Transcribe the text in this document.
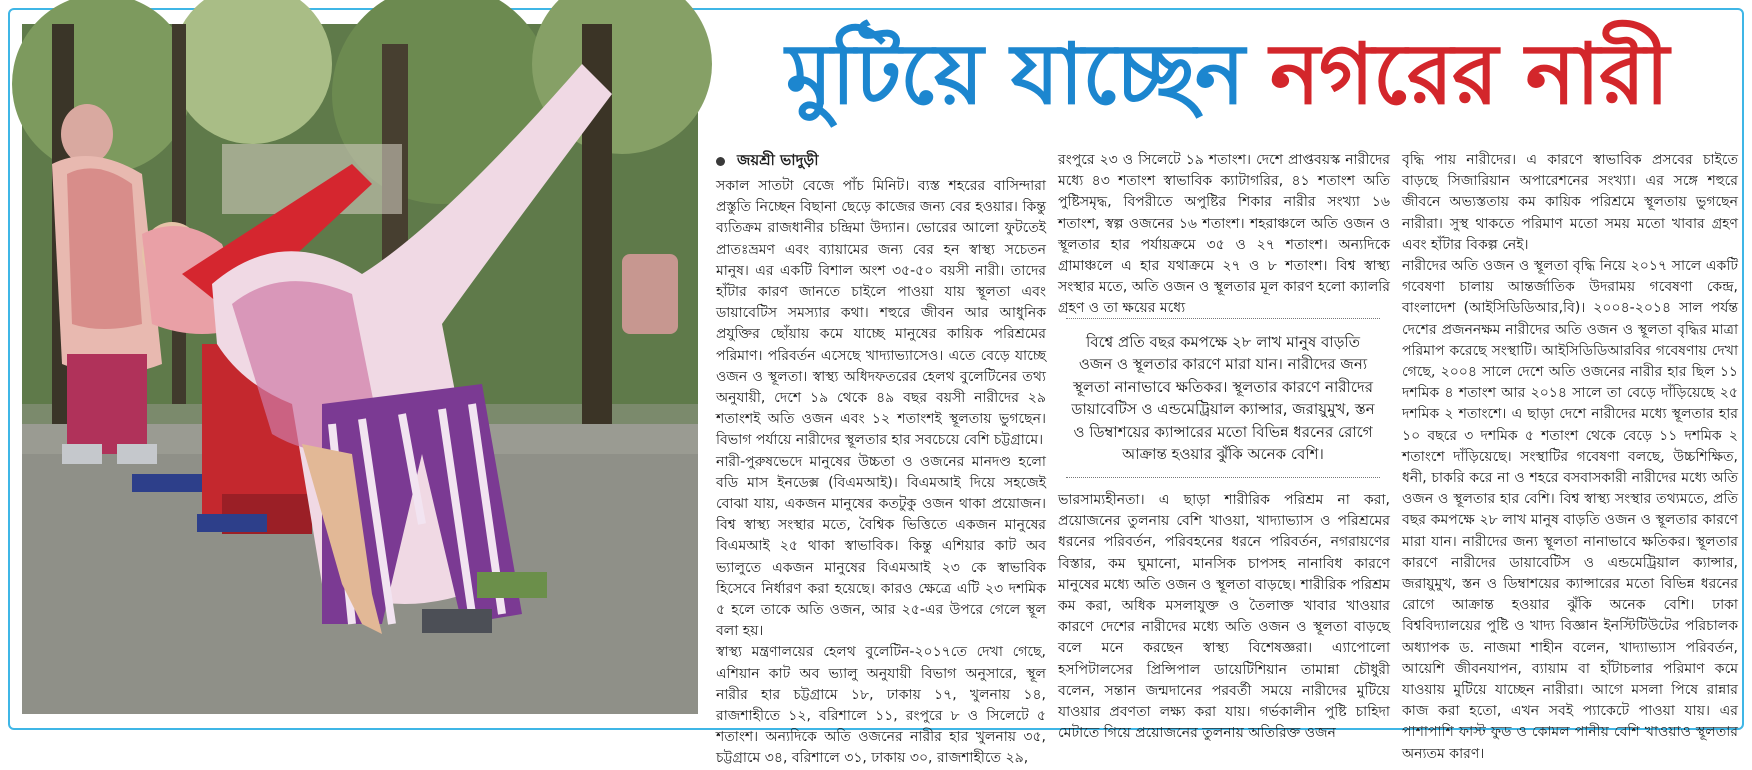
মুটিয়ে যাচ্ছেন নগরের নারী
জয়শ্রী ভাদুড়ী

সকাল সাতটা বেজে পাঁচ মিনিট। ব্যস্ত শহরের বাসিন্দারা প্রস্তুতি নিচ্ছেন বিছানা ছেড়ে কাজের জন্য বের হওয়ার। কিন্তু ব্যতিক্রম রাজধানীর চন্দ্রিমা উদ্যান। ভোরের আলো ফুটতেই প্রাতঃভ্রমণ এবং ব্যায়ামের জন্য বের হন স্বাস্থ্য সচেতন মানুষ। এর একটি বিশাল অংশ ৩৫-৫০ বয়সী নারী। তাদের হাঁটার কারণ জানতে চাইলে পাওয়া যায় স্থূলতা এবং ডায়াবেটিস সমস্যার কথা। শহুরে জীবন আর আধুনিক প্রযুক্তির ছোঁয়ায় কমে যাচ্ছে মানুষের কায়িক পরিশ্রমের পরিমাণ। পরিবর্তন এসেছে খাদ্যাভ্যাসেও। এতে বেড়ে যাচ্ছে ওজন ও স্থূলতা। স্বাস্থ্য অধিদফতরের হেলথ বুলেটিনের তথ্য অনুযায়ী, দেশে ১৯ থেকে ৪৯ বছর বয়সী নারীদের ২৯ শতাংশই অতি ওজন এবং ১২ শতাংশই স্থূলতায় ভুগছেন। বিভাগ পর্যায়ে নারীদের স্থূলতার হার সবচেয়ে বেশি চট্টগ্রামে।

নারী-পুরুষভেদে মানুষের উচ্চতা ও ওজনের মানদণ্ড হলো বডি মাস ইনডেক্স (বিএমআই)। বিএমআই দিয়ে সহজেই বোঝা যায়, একজন মানুষের কতটুকু ওজন থাকা প্রয়োজন। বিশ্ব স্বাস্থ্য সংস্থার মতে, বৈশ্বিক ভিত্তিতে একজন মানুষের বিএমআই ২৫ থাকা স্বাভাবিক। কিন্তু এশিয়ার কাট অব ভ্যালুতে একজন মানুষের বিএমআই ২৩ কে স্বাভাবিক হিসেবে নির্ধারণ করা হয়েছে। কারও ক্ষেত্রে এটি ২৩ দশমিক ৫ হলে তাকে অতি ওজন, আর ২৫-এর উপরে গেলে স্থূল বলা হয়।

স্বাস্থ্য মন্ত্রণালয়ের হেলথ বুলেটিন-২০১৭তে দেখা গেছে, এশিয়ান কাট অব ভ্যালু অনুযায়ী বিভাগ অনুসারে, স্থূল নারীর হার চট্টগ্রামে ১৮, ঢাকায় ১৭, খুলনায় ১৪, রাজশাহীতে ১২, বরিশালে ১১, রংপুরে ৮ ও সিলেটে ৫ শতাংশ। অন্যদিকে অতি ওজনের নারীর হার খুলনায় ৩৫, চট্টগ্রামে ৩৪, বরিশালে ৩১, ঢাকায় ৩০, রাজশাহীতে ২৯,

রংপুরে ২৩ ও সিলেটে ১৯ শতাংশ। দেশে প্রাপ্তবয়স্ক নারীদের মধ্যে ৪৩ শতাংশ স্বাভাবিক ক্যাটাগরির, ৪১ শতাংশ অতি পুষ্টিসমৃদ্ধ, বিপরীতে অপুষ্টির শিকার নারীর সংখ্যা ১৬ শতাংশ, স্বল্প ওজনের ১৬ শতাংশ। শহরাঞ্চলে অতি ওজন ও স্থূলতার হার পর্যায়ক্রমে ৩৫ ও ২৭ শতাংশ। অন্যদিকে গ্রামাঞ্চলে এ হার যথাক্রমে ২৭ ও ৮ শতাংশ। বিশ্ব স্বাস্থ্য সংস্থার মতে, অতি ওজন ও স্থূলতার মূল কারণ হলো ক্যালরি গ্রহণ ও তা ক্ষয়ের মধ্যে

বিশ্বে প্রতি বছর কমপক্ষে ২৮ লাখ মানুষ বাড়তি ওজন ও স্থূলতার কারণে মারা যান। নারীদের জন্য স্থূলতা নানাভাবে ক্ষতিকর। স্থূলতার কারণে নারীদের ডায়াবেটিস ও এন্ডমেট্রিয়াল ক্যান্সার, জরায়ুমুখ, স্তন ও ডিম্বাশয়ের ক্যান্সারের মতো বিভিন্ন ধরনের রোগে আক্রান্ত হওয়ার ঝুঁকি অনেক বেশি।

ভারসাম্যহীনতা। এ ছাড়া শারীরিক পরিশ্রম না করা, প্রয়োজনের তুলনায় বেশি খাওয়া, খাদ্যাভ্যাস ও পরিশ্রমের ধরনের পরিবর্তন, পরিবহনের ধরনে পরিবর্তন, নগরায়ণের বিস্তার, কম ঘুমানো, মানসিক চাপসহ নানাবিধ কারণে মানুষের মধ্যে অতি ওজন ও স্থূলতা বাড়ছে। শারীরিক পরিশ্রম কম করা, অধিক মসলাযুক্ত ও তৈলাক্ত খাবার খাওয়ার কারণে দেশের নারীদের মধ্যে অতি ওজন ও স্থূলতা বাড়ছে বলে মনে করছেন স্বাস্থ্য বিশেষজ্ঞরা। এ্যাপোলো হসপিটালসের প্রিন্সিপাল ডায়েটিশিয়ান তামান্না চৌধুরী বলেন, সন্তান জন্মদানের পরবর্তী সময়ে নারীদের মুটিয়ে যাওয়ার প্রবণতা লক্ষ্য করা যায়। গর্ভকালীন পুষ্টি চাহিদা মেটাতে গিয়ে প্রয়োজনের তুলনায় অতিরিক্ত ওজন

বৃদ্ধি পায় নারীদের। এ কারণে স্বাভাবিক প্রসবের চাইতে বাড়ছে সিজারিয়ান অপারেশনের সংখ্যা। এর সঙ্গে শহুরে জীবনে অভ্যস্ততায় কম কায়িক পরিশ্রমে স্থূলতায় ভুগছেন নারীরা। সুস্থ থাকতে পরিমাণ মতো সময় মতো খাবার গ্রহণ এবং হাঁটার বিকল্প নেই।

নারীদের অতি ওজন ও স্থূলতা বৃদ্ধি নিয়ে ২০১৭ সালে একটি গবেষণা চালায় আন্তর্জাতিক উদরাময় গবেষণা কেন্দ্র, বাংলাদেশ (আইসিডিডিআর,বি)। ২০০৪-২০১৪ সাল পর্যন্ত দেশের প্রজননক্ষম নারীদের অতি ওজন ও স্থূলতা বৃদ্ধির মাত্রা পরিমাপ করেছে সংস্থাটি। আইসিডিডিআরবির গবেষণায় দেখা গেছে, ২০০৪ সালে দেশে অতি ওজনের নারীর হার ছিল ১১ দশমিক ৪ শতাংশ আর ২০১৪ সালে তা বেড়ে দাঁড়িয়েছে ২৫ দশমিক ২ শতাংশে। এ ছাড়া দেশে নারীদের মধ্যে স্থূলতার হার ১০ বছরে ৩ দশমিক ৫ শতাংশ থেকে বেড়ে ১১ দশমিক ২ শতাংশে দাঁড়িয়েছে। সংস্থাটির গবেষণা বলছে, উচ্চশিক্ষিত, ধনী, চাকরি করে না ও শহরে বসবাসকারী নারীদের মধ্যে অতি ওজন ও স্থূলতার হার বেশি। বিশ্ব স্বাস্থ্য সংস্থার তথ্যমতে, প্রতি বছর কমপক্ষে ২৮ লাখ মানুষ বাড়তি ওজন ও স্থূলতার কারণে মারা যান। নারীদের জন্য স্থূলতা নানাভাবে ক্ষতিকর। স্থূলতার কারণে নারীদের ডায়াবেটিস ও এন্ডমেট্রিয়াল ক্যান্সার, জরায়ুমুখ, স্তন ও ডিম্বাশয়ের ক্যান্সারের মতো বিভিন্ন ধরনের রোগে আক্রান্ত হওয়ার ঝুঁকি অনেক বেশি। ঢাকা বিশ্ববিদ্যালয়ের পুষ্টি ও খাদ্য বিজ্ঞান ইনস্টিটিউটের পরিচালক অধ্যাপক ড. নাজমা শাহীন বলেন, খাদ্যাভ্যাস পরিবর্তন, আয়েশি জীবনযাপন, ব্যায়াম বা হাঁটাচলার পরিমাণ কমে যাওয়ায় মুটিয়ে যাচ্ছেন নারীরা। আগে মসলা পিষে রান্নার কাজ করা হতো, এখন সবই প্যাকেটে পাওয়া যায়। এর পাশাপাশি ফাস্ট ফুড ও কোমল পানীয় বেশি খাওয়াও স্থূলতার অন্যতম কারণ।
